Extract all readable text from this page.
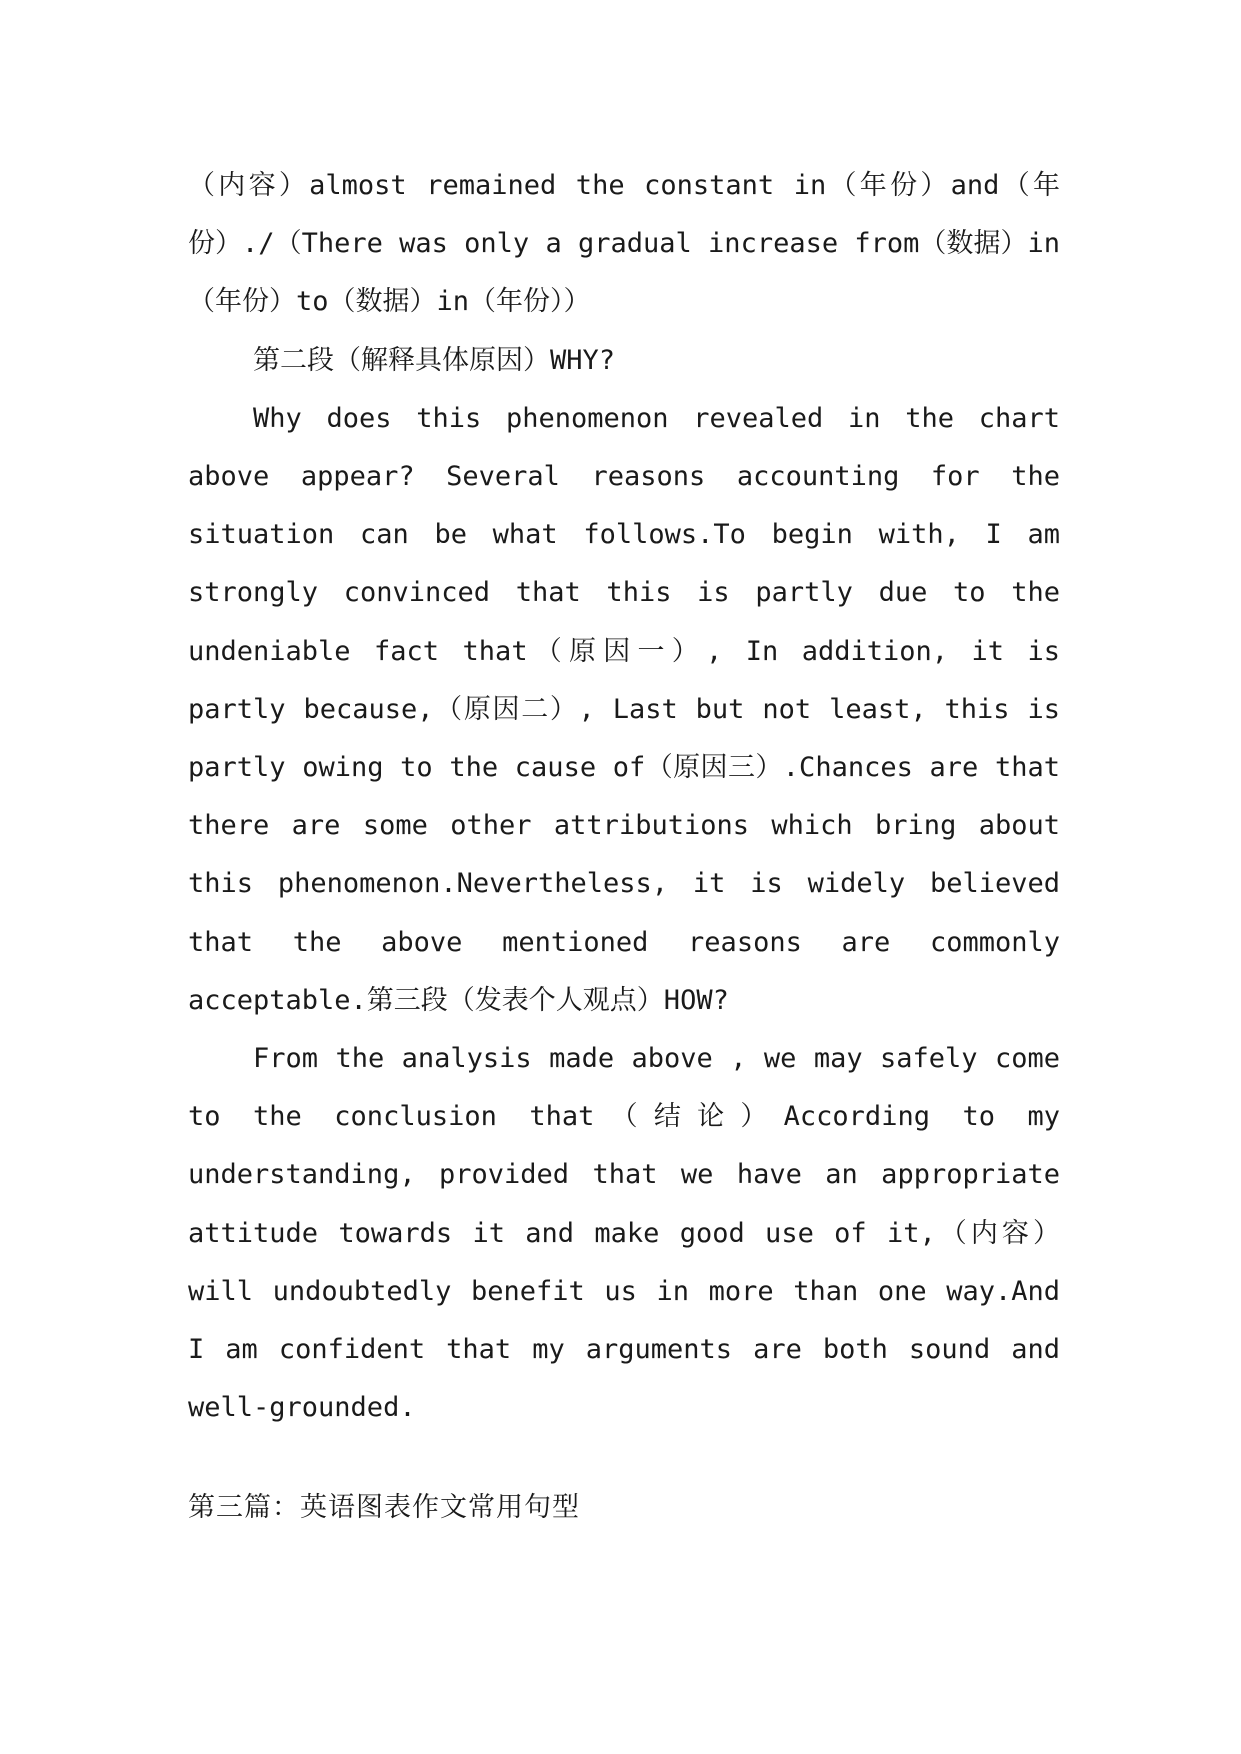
（内容）almost remained the constant in（年份）and（年份）./（There was only a gradual increase from（数据）in（年份）to（数据）in（年份））

第二段（解释具体原因）WHY?

Why does this phenomenon revealed in the chart above appear? Several reasons accounting for the situation can be what follows.To begin with, I am strongly convinced that this is partly due to the undeniable fact that（原因一）, In addition, it is partly because,（原因二）, Last but not least, this is partly owing to the cause of（原因三）.Chances are that there are some other attributions which bring about this phenomenon.Nevertheless, it is widely believed that the above mentioned reasons are commonly acceptable.第三段（发表个人观点）HOW?

From the analysis made above , we may safely come to the conclusion that（结论）According to my understanding, provided that we have an appropriate attitude towards it and make good use of it,（内容）will undoubtedly benefit us in more than one way.And I am confident that my arguments are both sound and well-grounded.

第三篇：英语图表作文常用句型
